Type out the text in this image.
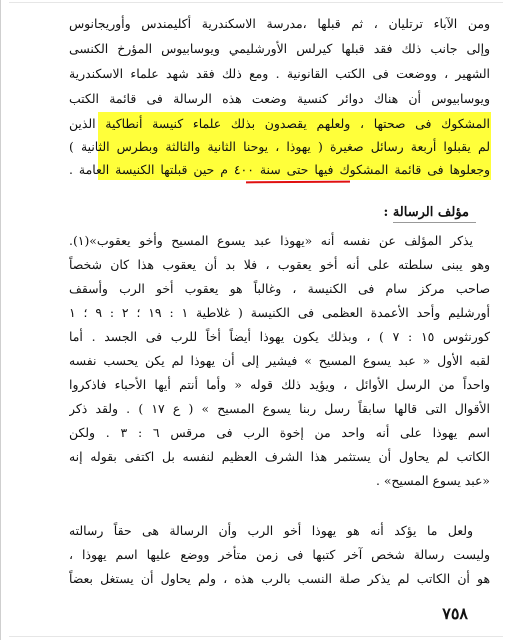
ومن الآباء ترتليان ، ثم قبلها ،مدرسة الاسكندرية أكليمندس وأوريجانوس
وإلى جانب ذلك فقد قبلها كيرلس الأورشليمي ويوسابيوس المؤرخ الكنسى
الشهير ، ووضعت فى الكتب القانونية . ومع ذلك فقد شهد علماء الاسكندرية
ويوسابيوس أن هناك دوائر كنسية وضعت هذه الرسالة فى قائمة الكتب
المشكوك فى صحتها ، ولعلهم يقصدون بذلك علماء كنيسة أنطاكية الذين
لم يقبلوا أربعة رسائل صغيرة ( يهوذا ، يوحنا الثانية والثالثة وبطرس الثانية )
وجعلوها فى قائمة المشكوك فيها حتى سنة ٤٠٠ م حين قبلتها الكنيسة العامة .
مؤلف الرسالة :
يذكر المؤلف عن نفسه أنه «يهوذا عبد يسوع المسيح وأخو يعقوب»(١).
وهو يبنى سلطته على أنه أخو يعقوب ، فلا بد أن يعقوب هذا كان شخصاً
صاحب مركز سام فى الكنيسة ، وغالباً هو يعقوب أخو الرب وأسقف
أورشليم وأحد الأعمدة العظمى فى الكنيسة ( غلاطية ١ : ١٩ ؛ ٢ : ٩ ؛ ١
كورنثوس ١٥ : ٧ ) ، وبذلك يكون يهوذا أيضاً أخاً للرب فى الجسد . أما
لقبه الأول « عبد يسوع المسيح » فيشير إلى أن يهوذا لم يكن يحسب نفسه
واحداً من الرسل الأوائل ، ويؤيد ذلك قوله « وأما أنتم أيها الأحباء فاذكروا
الأقوال التى قالها سابقاً رسل ربنا يسوع المسيح » ( ع ١٧ ) . ولقد ذكر
اسم يهوذا على أنه واحد من إخوة الرب فى مرقس ٦ : ٣ . ولكن
الكاتب لم يحاول أن يستثمر هذا الشرف العظيم لنفسه بل اكتفى بقوله إنه
«عبد يسوع المسيح» .
ولعل ما يؤكد أنه هو يهوذا أخو الرب وأن الرسالة هى حقاً رسالته
وليست رسالة شخص آخر كتبها فى زمن متأخر ووضع عليها اسم يهوذا ،
هو أن الكاتب لم يذكر صلة النسب بالرب هذه ، ولم يحاول أن يستغل بعضاً
٧٥٨
